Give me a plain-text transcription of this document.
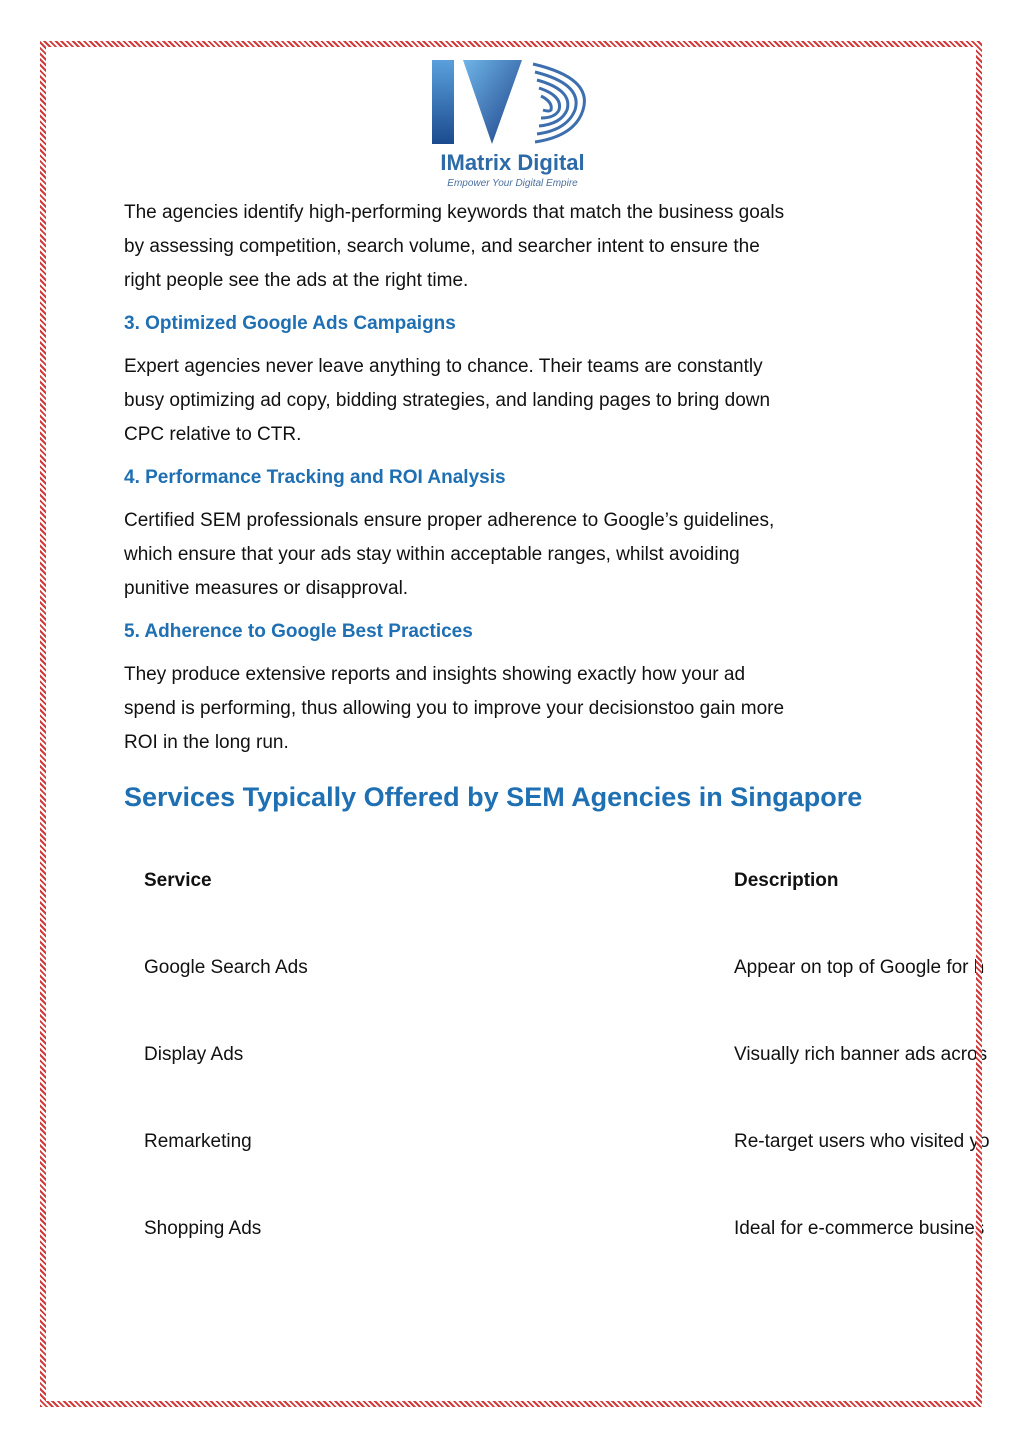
IMatrix Digital
Empower Your Digital Empire

The agencies identify high-performing keywords that match the business goals
by assessing competition, search volume, and searcher intent to ensure the
right people see the ads at the right time.

3. Optimized Google Ads Campaigns

Expert agencies never leave anything to chance. Their teams are constantly
busy optimizing ad copy, bidding strategies, and landing pages to bring down
CPC relative to CTR.

4. Performance Tracking and ROI Analysis

Certified SEM professionals ensure proper adherence to Google’s guidelines,
which ensure that your ads stay within acceptable ranges, whilst avoiding
punitive measures or disapproval.

5. Adherence to Google Best Practices

They produce extensive reports and insights showing exactly how your ad
spend is performing, thus allowing you to improve your decisionstoo gain more
ROI in the long run.

Services Typically Offered by SEM Agencies in Singapore
Service	Description
Google Search Ads	Appear on top of Google for h
Display Ads	Visually rich banner ads acros
Remarketing	Re-target users who visited yo
Shopping Ads	Ideal for e-commerce busines
